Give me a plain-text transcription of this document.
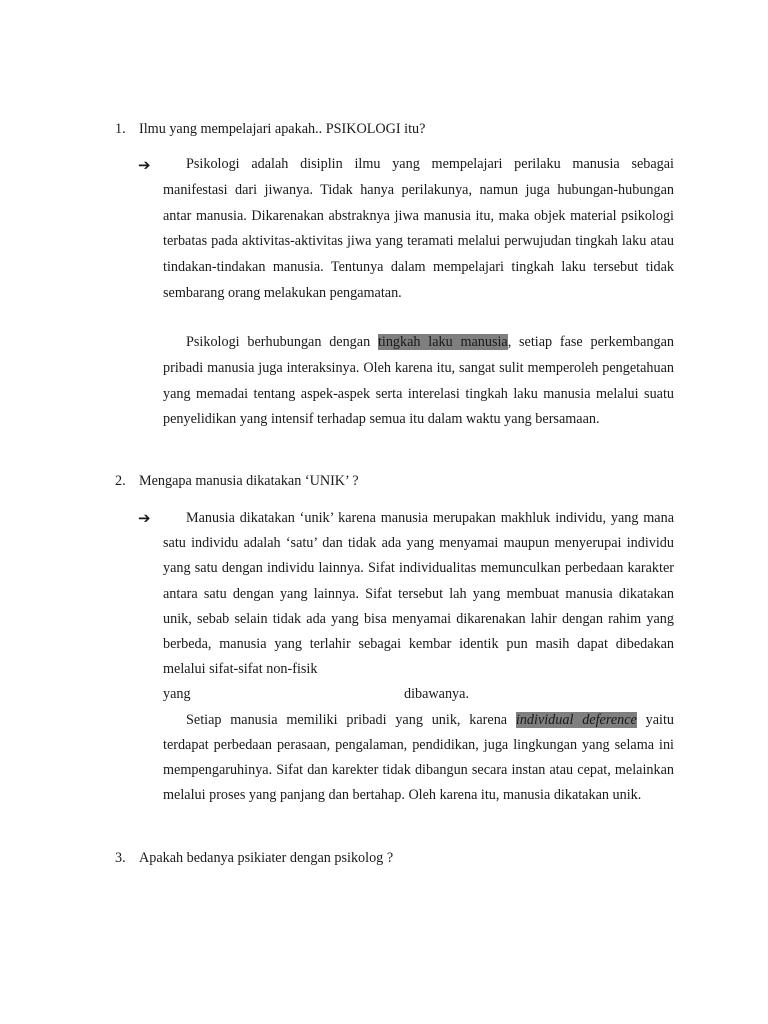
1. Ilmu yang mempelajari apakah.. PSIKOLOGI itu?
➔	Psikologi adalah disiplin ilmu yang mempelajari perilaku manusia sebagai manifestasi dari jiwanya. Tidak hanya perilakunya, namun juga hubungan-hubungan antar manusia. Dikarenakan abstraknya jiwa manusia itu, maka objek material psikologi terbatas pada aktivitas-aktivitas jiwa yang teramati melalui perwujudan tingkah laku atau tindakan-tindakan manusia. Tentunya dalam mempelajari tingkah laku tersebut tidak sembarang orang melakukan pengamatan.

Psikologi berhubungan dengan tingkah laku manusia, setiap fase perkembangan pribadi manusia juga interaksinya. Oleh karena itu, sangat sulit memperoleh pengetahuan yang memadai tentang aspek-aspek serta interelasi tingkah laku manusia melalui suatu penyelidikan yang intensif terhadap semua itu dalam waktu yang bersamaan.

2. Mengapa manusia dikatakan ‘UNIK’ ?
➔	Manusia dikatakan ‘unik’ karena manusia merupakan makhluk individu, yang mana satu individu adalah ‘satu’ dan tidak ada yang menyamai maupun menyerupai individu yang satu dengan individu lainnya. Sifat individualitas memunculkan perbedaan karakter antara satu dengan yang lainnya. Sifat tersebut lah yang membuat manusia dikatakan unik, sebab selain tidak ada yang bisa menyamai dikarenakan lahir dengan rahim yang berbeda, manusia yang terlahir sebagai kembar identik pun masih dapat dibedakan melalui sifat-sifat non-fisik

yang	dibawanya.

Setiap manusia memiliki pribadi yang unik, karena individual deference yaitu terdapat perbedaan perasaan, pengalaman, pendidikan, juga lingkungan yang selama ini mempengaruhinya. Sifat dan karekter tidak dibangun secara instan atau cepat, melainkan melalui proses yang panjang dan bertahap. Oleh karena itu, manusia dikatakan unik.

3. Apakah bedanya psikiater dengan psikolog ?
